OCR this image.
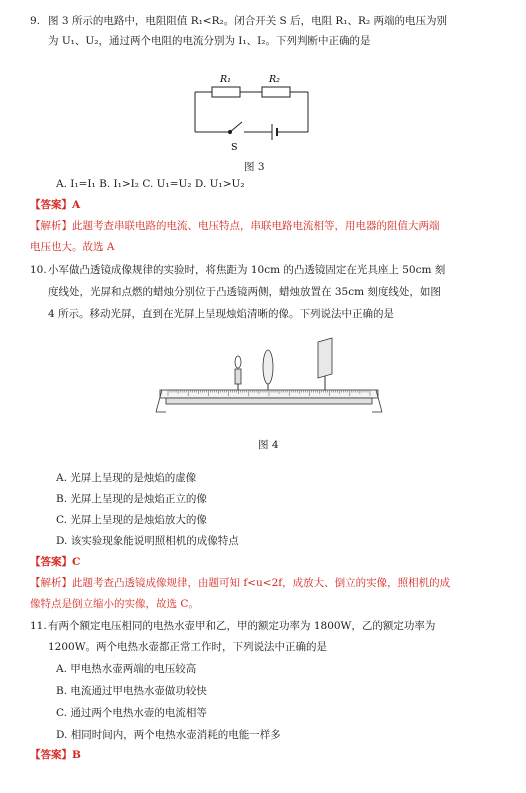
9. 图 3 所示的电路中，电阻阻值 R₁<R₂。闭合开关 S 后，电阻 R₁、R₂ 两端的电压为别
为 U₁、U₂，通过两个电阻的电流分别为 I₁、I₂。下列判断中正确的是
R₁	R₂
S
图 3
A. I₁=I₁ B. I₁>I₂ C. U₁=U₂ D. U₁>U₂
【答案】A
【解析】此题考查串联电路的电流、电压特点，串联电路电流相等，用电器的阻值大两端
电压也大。故选 A
10. 小军做凸透镜成像规律的实验时，将焦距为 10cm 的凸透镜固定在光具座上 50cm 刻
度线处，光屏和点燃的蜡烛分别位于凸透镜两侧，蜡烛放置在 35cm 刻度线处，如图
4 所示。移动光屏，直到在光屏上呈现烛焰清晰的像。下列说法中正确的是
图 4
A. 光屏上呈现的是烛焰的虚像
B. 光屏上呈现的是烛焰正立的像
C. 光屏上呈现的是烛焰放大的像
D. 该实验现象能说明照相机的成像特点
【答案】C
【解析】此题考查凸透镜成像规律，由题可知 f<u<2f，成放大、倒立的实像，照相机的成
像特点是倒立缩小的实像，故选 C。
11. 有两个额定电压相同的电热水壶甲和乙，甲的额定功率为 1800W，乙的额定功率为
1200W。两个电热水壶都正常工作时，下列说法中正确的是
A. 甲电热水壶两端的电压较高
B. 电流通过甲电热水壶做功较快
C. 通过两个电热水壶的电流相等
D. 相同时间内，两个电热水壶消耗的电能一样多
【答案】B
